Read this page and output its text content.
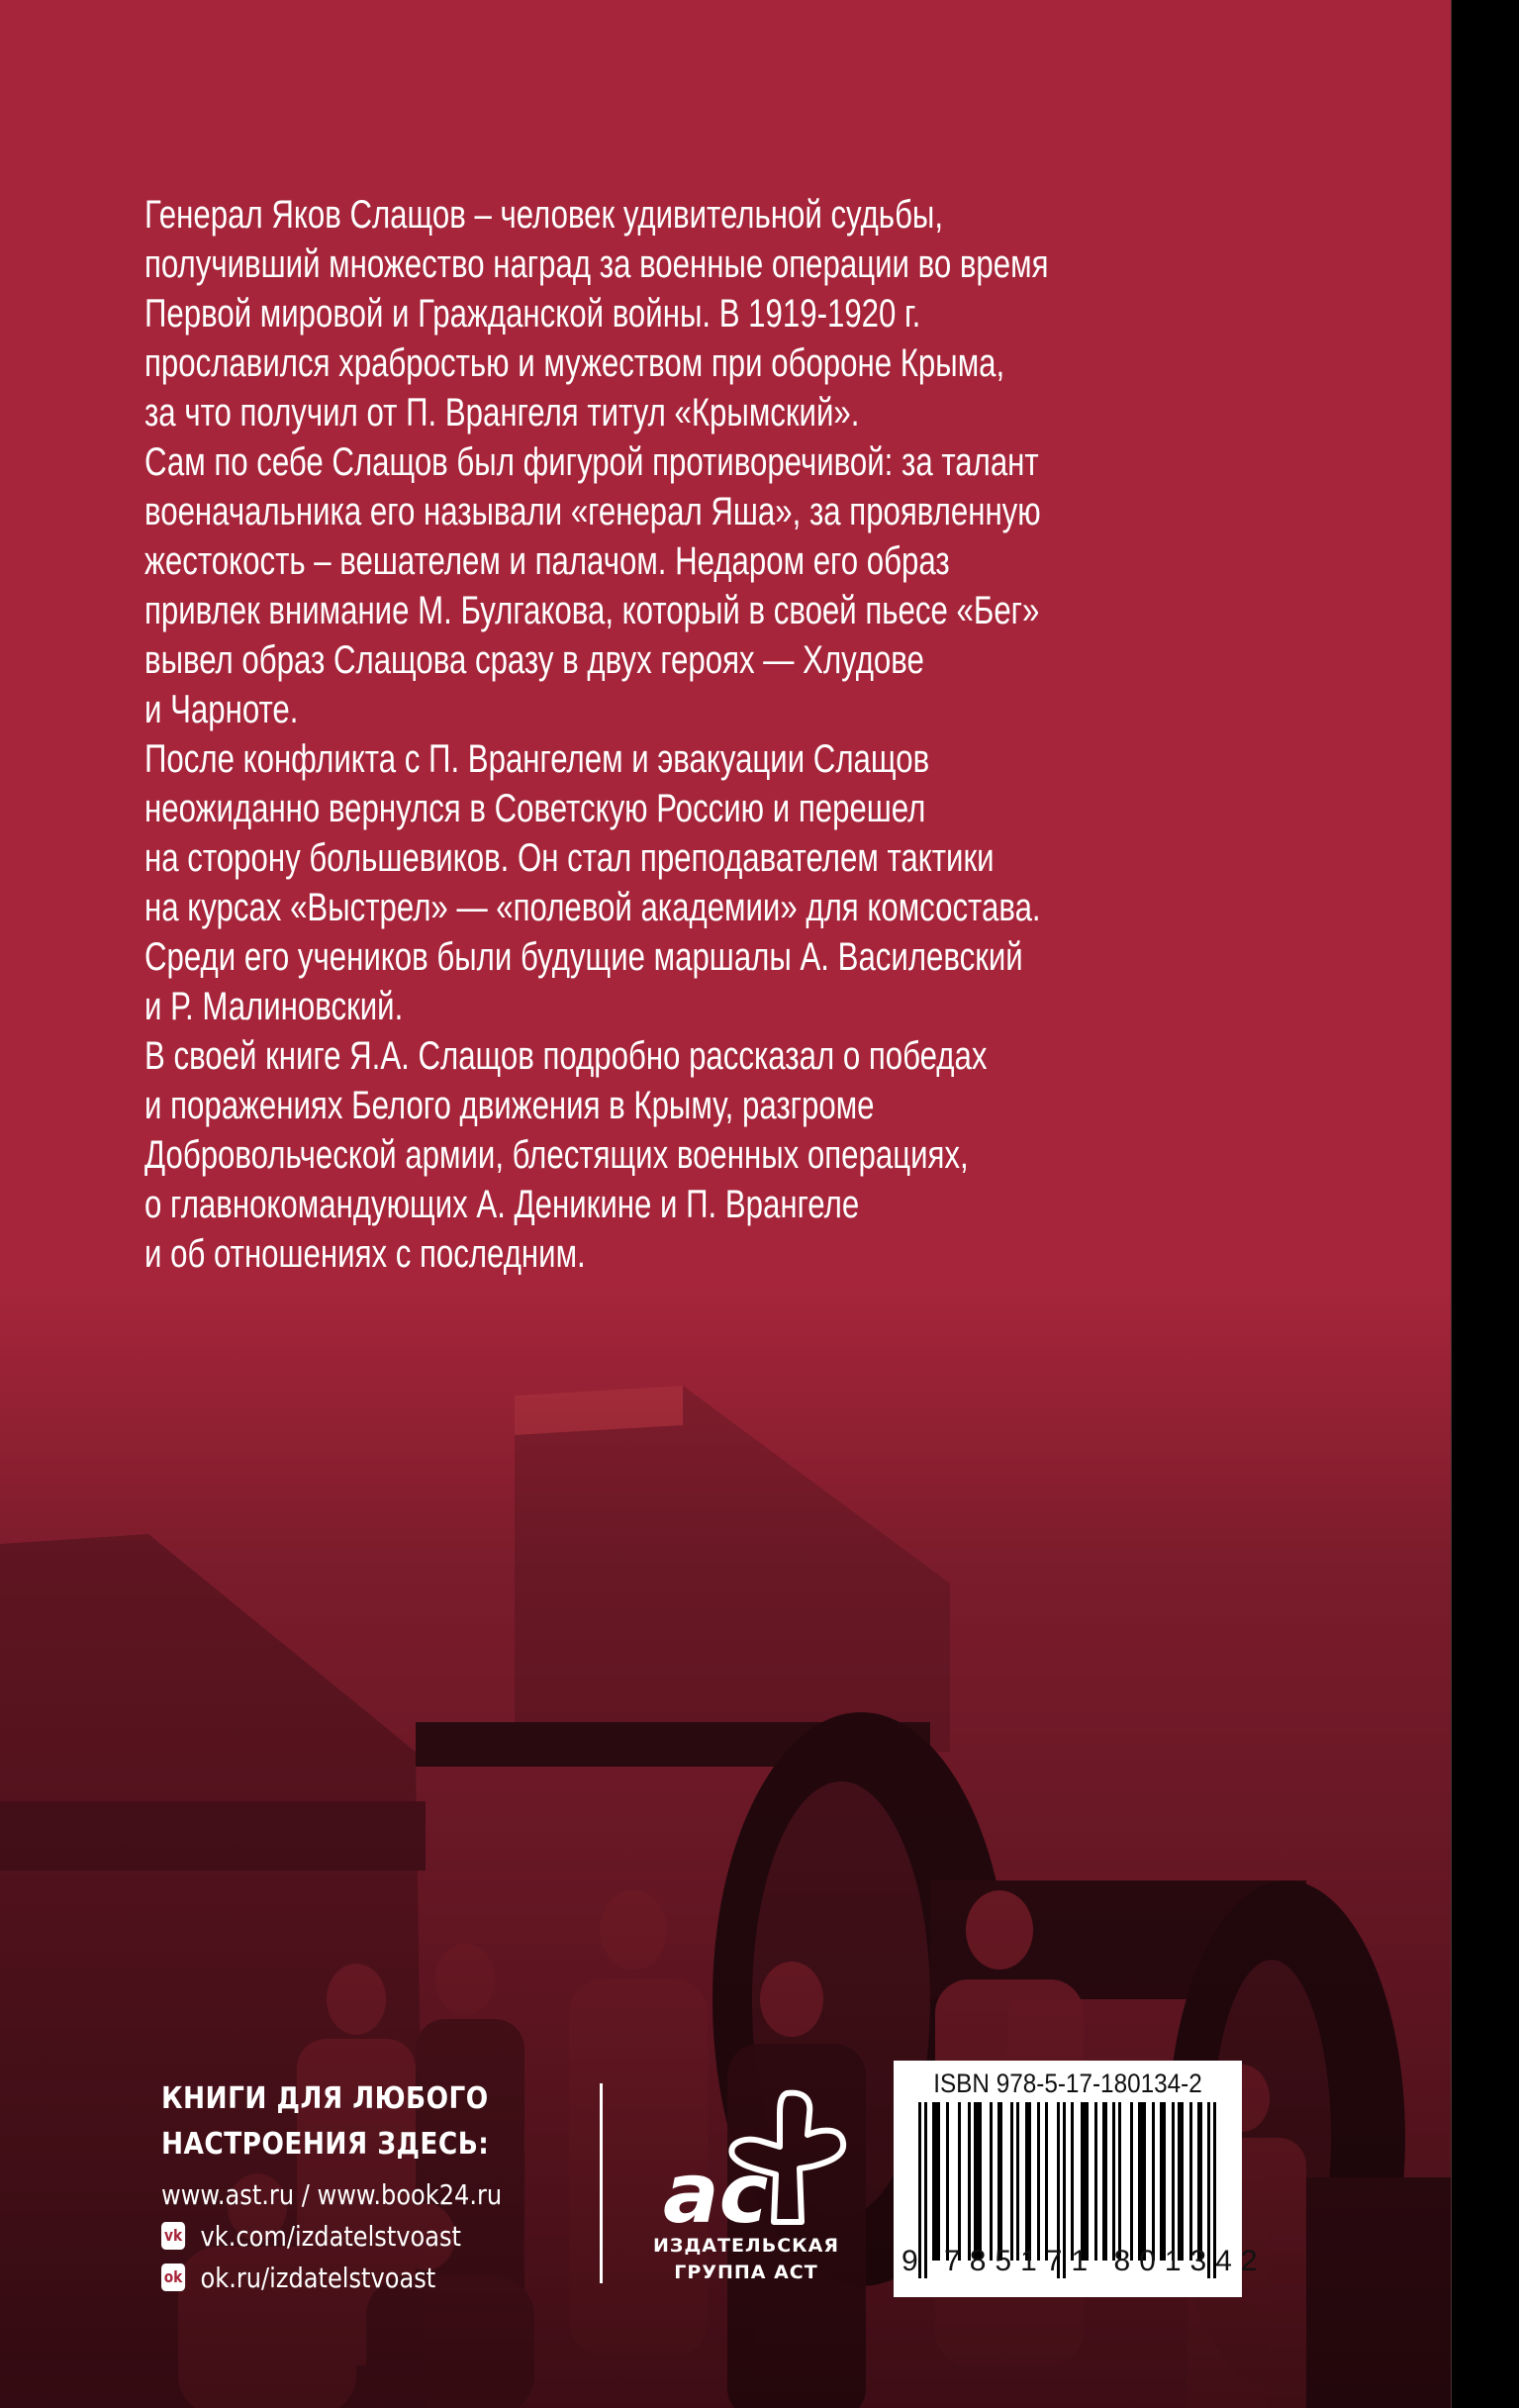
Генерал Яков Слащов – человек удивительной судьбы,
получивший множество наград за военные операции во время
Первой мировой и Гражданской войны. В 1919-1920 г.
прославился храбростью и мужеством при обороне Крыма,
за что получил от П. Врангеля титул «Крымский».
Сам по себе Слащов был фигурой противоречивой: за талант
военачальника его называли «генерал Яша», за проявленную
жестокость – вешателем и палачом. Недаром его образ
привлек внимание М. Булгакова, который в своей пьесе «Бег»
вывел образ Слащова сразу в двух героях — Хлудове
и Чарноте.
После конфликта с П. Врангелем и эвакуации Слащов
неожиданно вернулся в Советскую Россию и перешел
на сторону большевиков. Он стал преподавателем тактики
на курсах «Выстрел» — «полевой академии» для комсостава.
Среди его учеников были будущие маршалы А. Василевский
и Р. Малиновский.
В своей книге Я.А. Слащов подробно рассказал о победах
и поражениях Белого движения в Крыму, разгроме
Добровольческой армии, блестящих военных операциях,
о главнокомандующих А. Деникине и П. Врангеле
и об отношениях с последним.
КНИГИ ДЛЯ ЛЮБОГО
НАСТРОЕНИЯ ЗДЕСЬ:
www.ast.ru / www.book24.ru
vk vk.com/izdatelstvoast
ok ok.ru/izdatelstvoast
ас
ИЗДАТЕЛЬСКАЯ
ГРУППА АСТ
ISBN 978-5-17-180134-2
9 785171 801342
